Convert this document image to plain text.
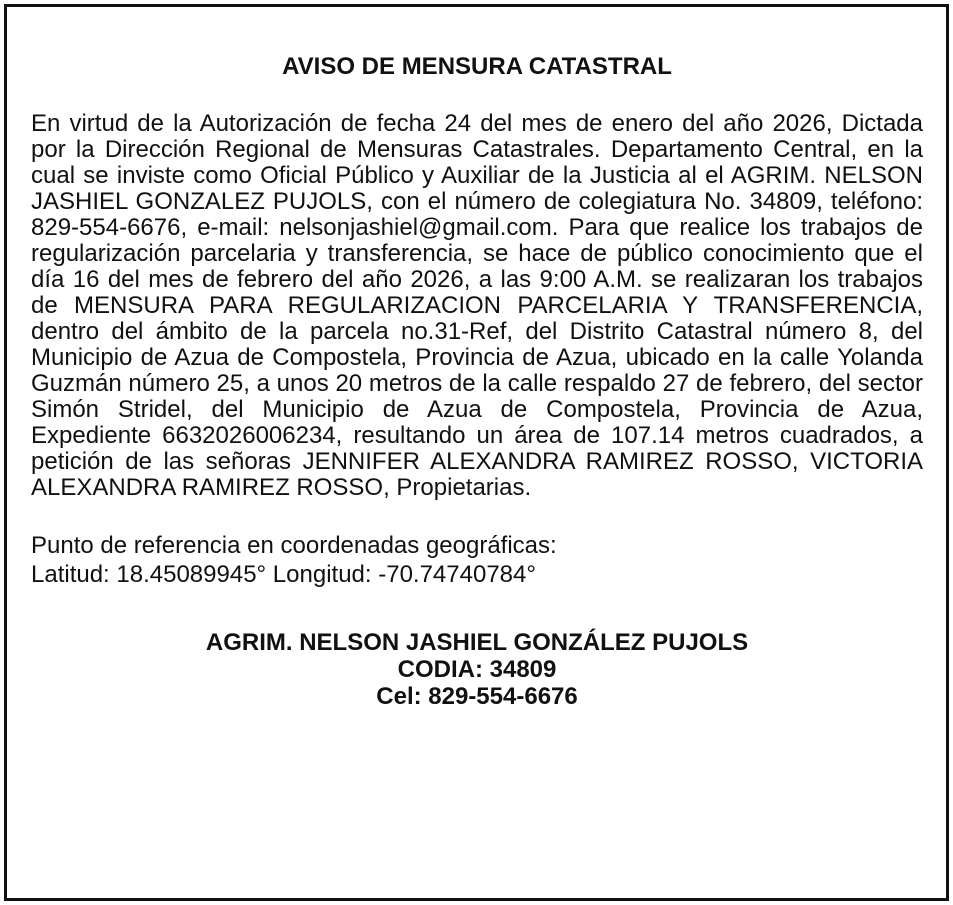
AVISO DE MENSURA CATASTRAL

En virtud de la Autorización de fecha 24 del mes de enero del año 2026, Dictada por la Dirección Regional de Mensuras Catastrales. Departamento Central, en la cual se inviste como Oficial Público y Auxiliar de la Justicia al el AGRIM. NELSON JASHIEL GONZALEZ PUJOLS, con el número de colegiatura No. 34809, teléfono: 829-554-6676, e-mail: nelsonjashiel@gmail.com. Para que realice los trabajos de regularización parcelaria y transferencia, se hace de público conocimiento que el día 16 del mes de febrero del año 2026, a las 9:00 A.M. se realizaran los trabajos de MENSURA PARA REGULARIZACION PARCELARIA Y TRANSFERENCIA, dentro del ámbito de la parcela no.31-Ref, del Distrito Catastral número 8, del Municipio de Azua de Compostela, Provincia de Azua, ubicado en la calle Yolanda Guzmán número 25, a unos 20 metros de la calle respaldo 27 de febrero, del sector Simón Stridel, del Municipio de Azua de Compostela, Provincia de Azua, Expediente 6632026006234, resultando un área de 107.14 metros cuadrados, a petición de las señoras JENNIFER ALEXANDRA RAMIREZ ROSSO, VICTORIA ALEXANDRA RAMIREZ ROSSO, Propietarias.

Punto de referencia en coordenadas geográficas:

Latitud: 18.45089945° Longitud: -70.74740784°

AGRIM. NELSON JASHIEL GONZÁLEZ PUJOLS
CODIA: 34809
Cel: 829-554-6676
